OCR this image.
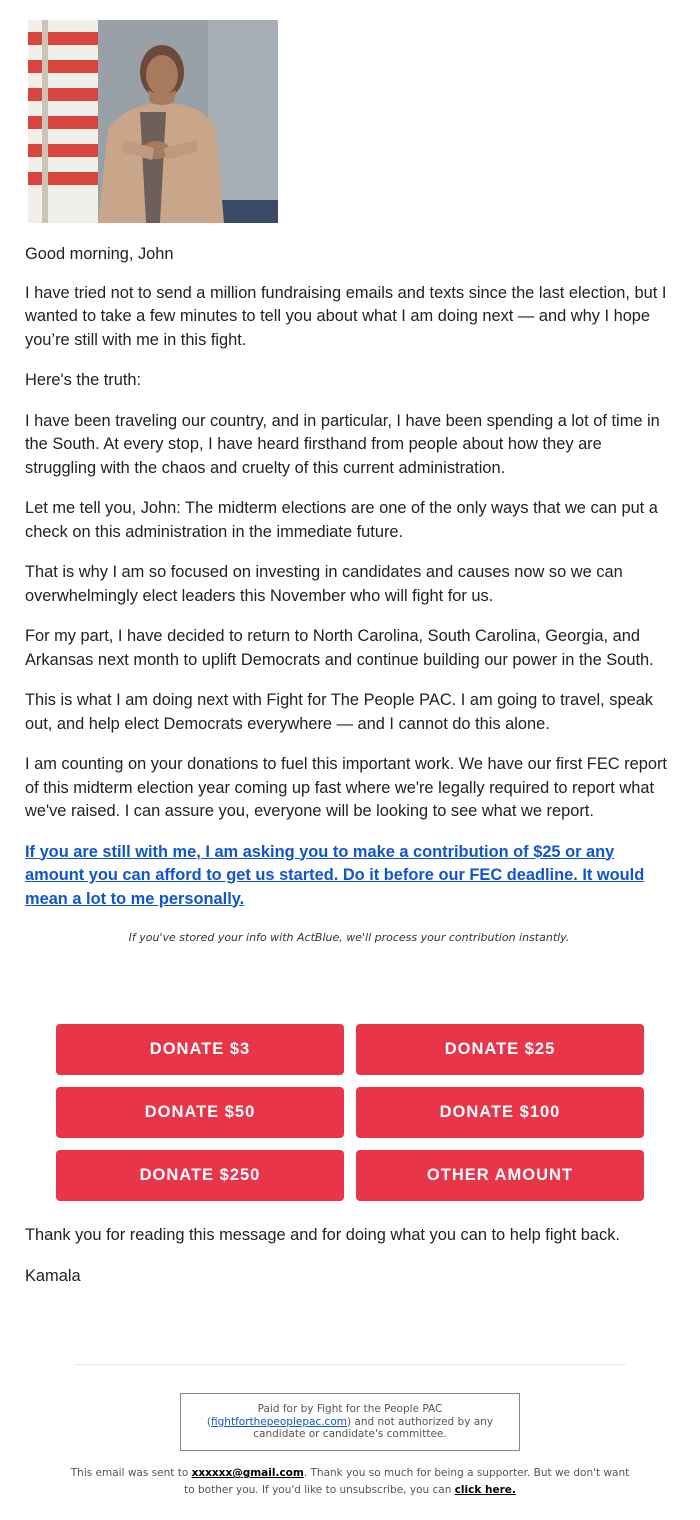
Good morning, John
I have tried not to send a million fundraising emails and texts since the last election, but I wanted to take a few minutes to tell you about what I am doing next — and why I hope you’re still with me in this fight.
Here's the truth:
I have been traveling our country, and in particular, I have been spending a lot of time in the South. At every stop, I have heard firsthand from people about how they are struggling with the chaos and cruelty of this current administration.
Let me tell you, John: The midterm elections are one of the only ways that we can put a check on this administration in the immediate future.
That is why I am so focused on investing in candidates and causes now so we can overwhelmingly elect leaders this November who will fight for us.
For my part, I have decided to return to North Carolina, South Carolina, Georgia, and Arkansas next month to uplift Democrats and continue building our power in the South.
This is what I am doing next with Fight for The People PAC. I am going to travel, speak out, and help elect Democrats everywhere — and I cannot do this alone.
I am counting on your donations to fuel this important work. We have our first FEC report of this midterm election year coming up fast where we're legally required to report what we've raised. I can assure you, everyone will be looking to see what we report.
If you are still with me, I am asking you to make a contribution of $25 or any amount you can afford to get us started. Do it before our FEC deadline. It would mean a lot to me personally.
If you've stored your info with ActBlue, we'll process your contribution instantly.
DONATE $3	DONATE $25
DONATE $50	DONATE $100
DONATE $250	OTHER AMOUNT
Thank you for reading this message and for doing what you can to help fight back.
Kamala
Paid for by Fight for the People PAC
(fightforthepeoplepac.com) and not authorized by any candidate or candidate's committee.
This email was sent to xxxxxx@gmail.com. Thank you so much for being a supporter. But we don't want to bother you. If you'd like to unsubscribe, you can click here.
